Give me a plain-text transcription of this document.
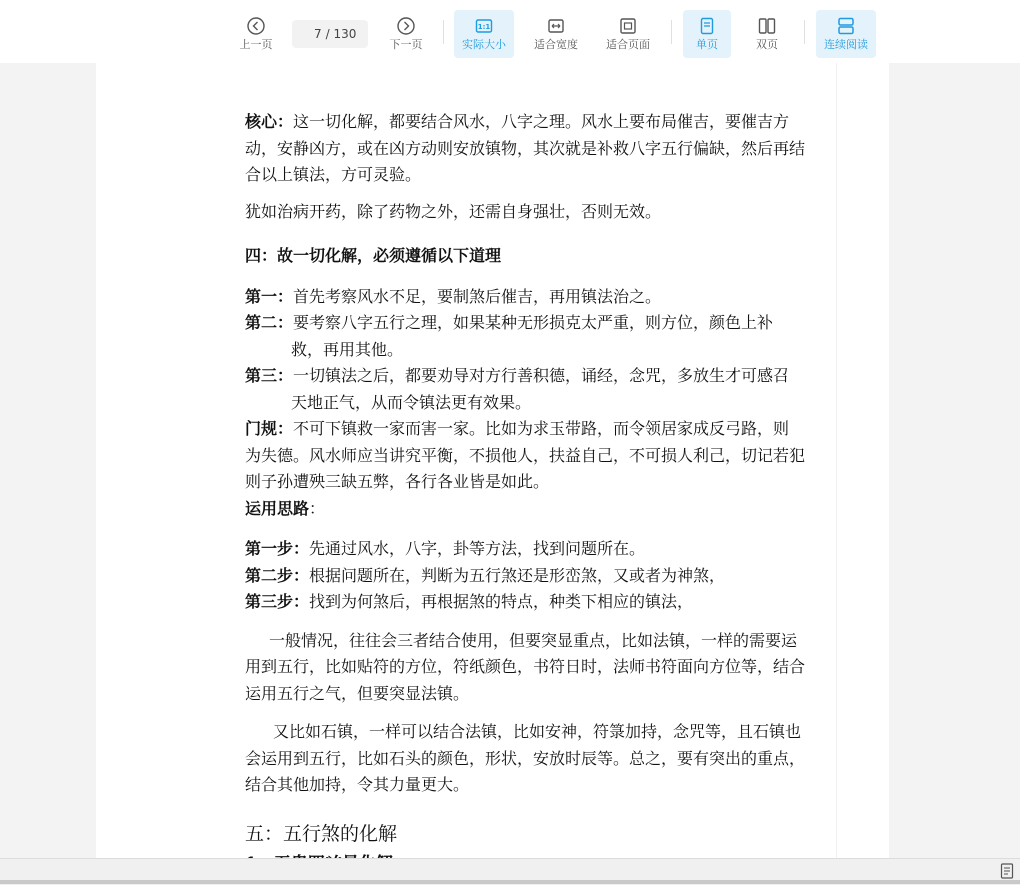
上一页
7 / 130
下一页
1:1
实际大小	适合宽度	适合页面	单页	双页	连续阅读

核心：这一切化解，都要结合风水，八字之理。风水上要布局催吉，要催吉方动，安静凶方，或在凶方动则安放镇物，其次就是补救八字五行偏缺，然后再结合以上镇法，方可灵验。

犹如治病开药，除了药物之外，还需自身强壮，否则无效。

四：故一切化解，必须遵循以下道理

第一：首先考察风水不足，要制煞后催吉，再用镇法治之。

第二：要考察八字五行之理，如果某种无形损克太严重，则方位，颜色上补救，再用其他。

第三：一切镇法之后，都要劝导对方行善积德，诵经，念咒，多放生才可感召天地正气，从而令镇法更有效果。

门规：不可下镇救一家而害一家。比如为求玉带路，而令领居家成反弓路，则为失德。风水师应当讲究平衡，不损他人，扶益自己，不可损人利己，切记若犯则子孙遭殃三缺五弊，各行各业皆是如此。

运用思路：

第一步：先通过风水，八字，卦等方法，找到问题所在。

第二步：根据问题所在，判断为五行煞还是形峦煞，又或者为神煞，

第三步：找到为何煞后，再根据煞的特点，种类下相应的镇法，

一般情况，往往会三者结合使用，但要突显重点，比如法镇，一样的需要运用到五行，比如贴符的方位，符纸颜色，书符日时，法师书符面向方位等，结合运用五行之气，但要突显法镇。

又比如石镇，一样可以结合法镇，比如安神，符箓加持，念咒等，且石镇也会运用到五行，比如石头的颜色，形状，安放时辰等。总之，要有突出的重点，结合其他加持，令其力量更大。

五：五行煞的化解
